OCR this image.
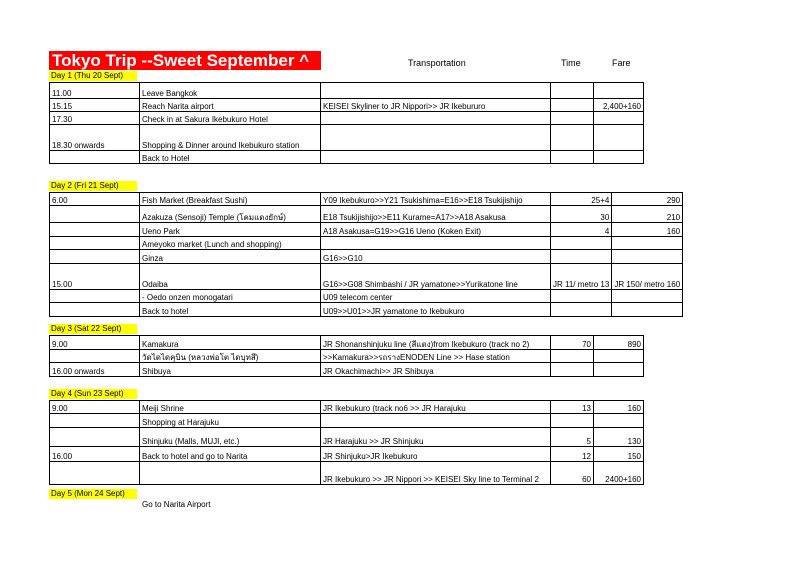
Tokyo Trip --Sweet September ^	Transportation	Time	Fare
Day 1 (Thu 20 Sept)
11.00	Leave Bangkok			
15.15	Reach Narita airport	KEISEI Skyliner to JR Nippori>> JR Ikebururo		2,400+160
17.30	Check in at Sakura Ikebukuro Hotel			
18.30 onwards	Shopping & Dinner around Ikebukuro station			
	Back to Hotel			
Day 2 (Fri 21 Sept)
6.00	Fish Market (Breakfast Sushi)	Y09 Ikebukuro>>Y21 Tsukishima=E16>>E18 Tsukijishijo	25+4	290
	Azakuza (Sensoji) Temple (โคมแดงยักษ์)	E18 Tsukijishijo>>E11 Kurame=A17>>A18 Asakusa	30	210
	Ueno Park	A18 Asakusa=G19>>G16 Ueno (Koken Exit)	4	160
	Ameyoko market (Lunch and shopping)			
	Ginza	G16>>G10		
15.00	Odaiba	G16>>G08 Shimbashi / JR yamatone>>Yurikatone line	JR 11/ metro 13	JR 150/ metro 160
	- Oedo onzen monogatari	U09 telecom center		
	Back to hotel	U09>>U01>>JR yamatone to Ikebukuro		
Day 3 (Sat 22 Sept)
9.00	Kamakura	JR Shonanshinjuku line (สีแดง)from Ikebukuro (track no 2)	70	890
	วัดไดไดคุบิน (หลวงพ่อโต ไดบุทสึ)	>>Kamakura>>รถรางENODEN Line >> Hase station		
16.00 onwards	Shibuya	JR Okachimachi>> JR Shibuya		
Day 4 (Sun 23 Sept)
9.00	Meiji Shrine	JR Ikebukuro (track no6 >> JR Harajuku	13	160
	Shopping at Harajuku			
	Shinjuku (Malls, MUJI, etc.)	JR Harajuku >> JR Shinjuku	5	130
16.00	Back to hotel and go to Narita	JR Shinjuku>JR Ikebukuro	12	150
		JR Ikebukuro >> JR Nippori >> KEISEI Sky line to Terminal 2	60	2400+160
Day 5 (Mon 24 Sept)
Go to Narita Airport
